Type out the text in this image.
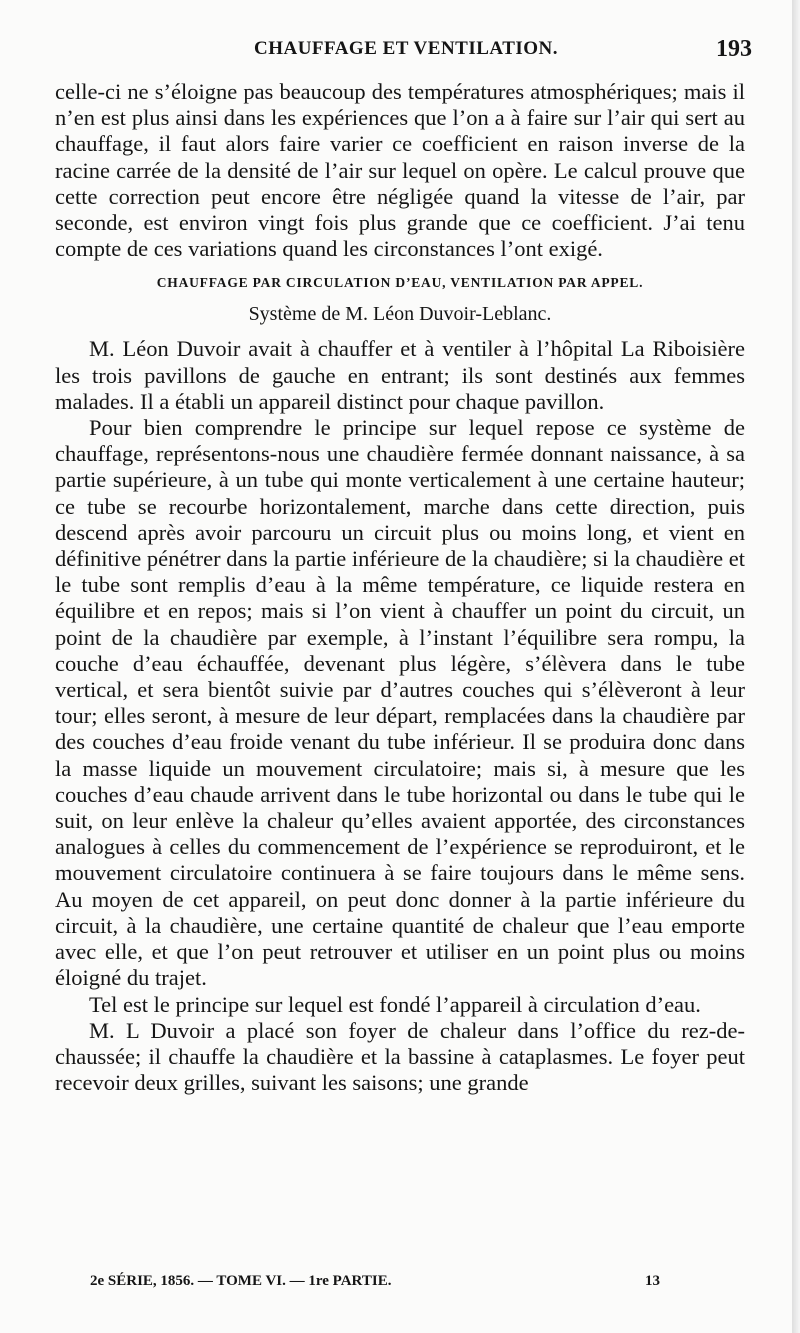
CHAUFFAGE ET VENTILATION.	193

celle-ci ne s’éloigne pas beaucoup des températures atmosphériques; mais il n’en est plus ainsi dans les expériences que l’on a à faire sur l’air qui sert au chauffage, il faut alors faire varier ce coefficient en raison inverse de la racine carrée de la densité de l’air sur lequel on opère. Le calcul prouve que cette correction peut encore être négligée quand la vitesse de l’air, par seconde, est environ vingt fois plus grande que ce coefficient. J’ai tenu compte de ces variations quand les circonstances l’ont exigé.

CHAUFFAGE PAR CIRCULATION D’EAU, VENTILATION PAR APPEL.

Système de M. Léon Duvoir-Leblanc.

M. Léon Duvoir avait à chauffer et à ventiler à l’hôpital La Riboisière les trois pavillons de gauche en entrant; ils sont destinés aux femmes malades. Il a établi un appareil distinct pour chaque pavillon.

Pour bien comprendre le principe sur lequel repose ce système de chauffage, représentons-nous une chaudière fermée donnant naissance, à sa partie supérieure, à un tube qui monte verticalement à une certaine hauteur; ce tube se recourbe horizontalement, marche dans cette direction, puis descend après avoir parcouru un circuit plus ou moins long, et vient en définitive pénétrer dans la partie inférieure de la chaudière; si la chaudière et le tube sont remplis d’eau à la même température, ce liquide restera en équilibre et en repos; mais si l’on vient à chauffer un point du circuit, un point de la chaudière par exemple, à l’instant l’équilibre sera rompu, la couche d’eau échauffée, devenant plus légère, s’élèvera dans le tube vertical, et sera bientôt suivie par d’autres couches qui s’élèveront à leur tour; elles seront, à mesure de leur départ, remplacées dans la chaudière par des couches d’eau froide venant du tube inférieur. Il se produira donc dans la masse liquide un mouvement circulatoire; mais si, à mesure que les couches d’eau chaude arrivent dans le tube horizontal ou dans le tube qui le suit, on leur enlève la chaleur qu’elles avaient apportée, des circonstances analogues à celles du commencement de l’expérience se reproduiront, et le mouvement circulatoire continuera à se faire toujours dans le même sens. Au moyen de cet appareil, on peut donc donner à la partie inférieure du circuit, à la chaudière, une certaine quantité de chaleur que l’eau emporte avec elle, et que l’on peut retrouver et utiliser en un point plus ou moins éloigné du trajet.

Tel est le principe sur lequel est fondé l’appareil à circulation d’eau.

M. L Duvoir a placé son foyer de chaleur dans l’office du rez-de-chaussée; il chauffe la chaudière et la bassine à cataplasmes. Le foyer peut recevoir deux grilles, suivant les saisons; une grande

2e SÉRIE, 1856. — TOME VI. — 1re PARTIE.	13
